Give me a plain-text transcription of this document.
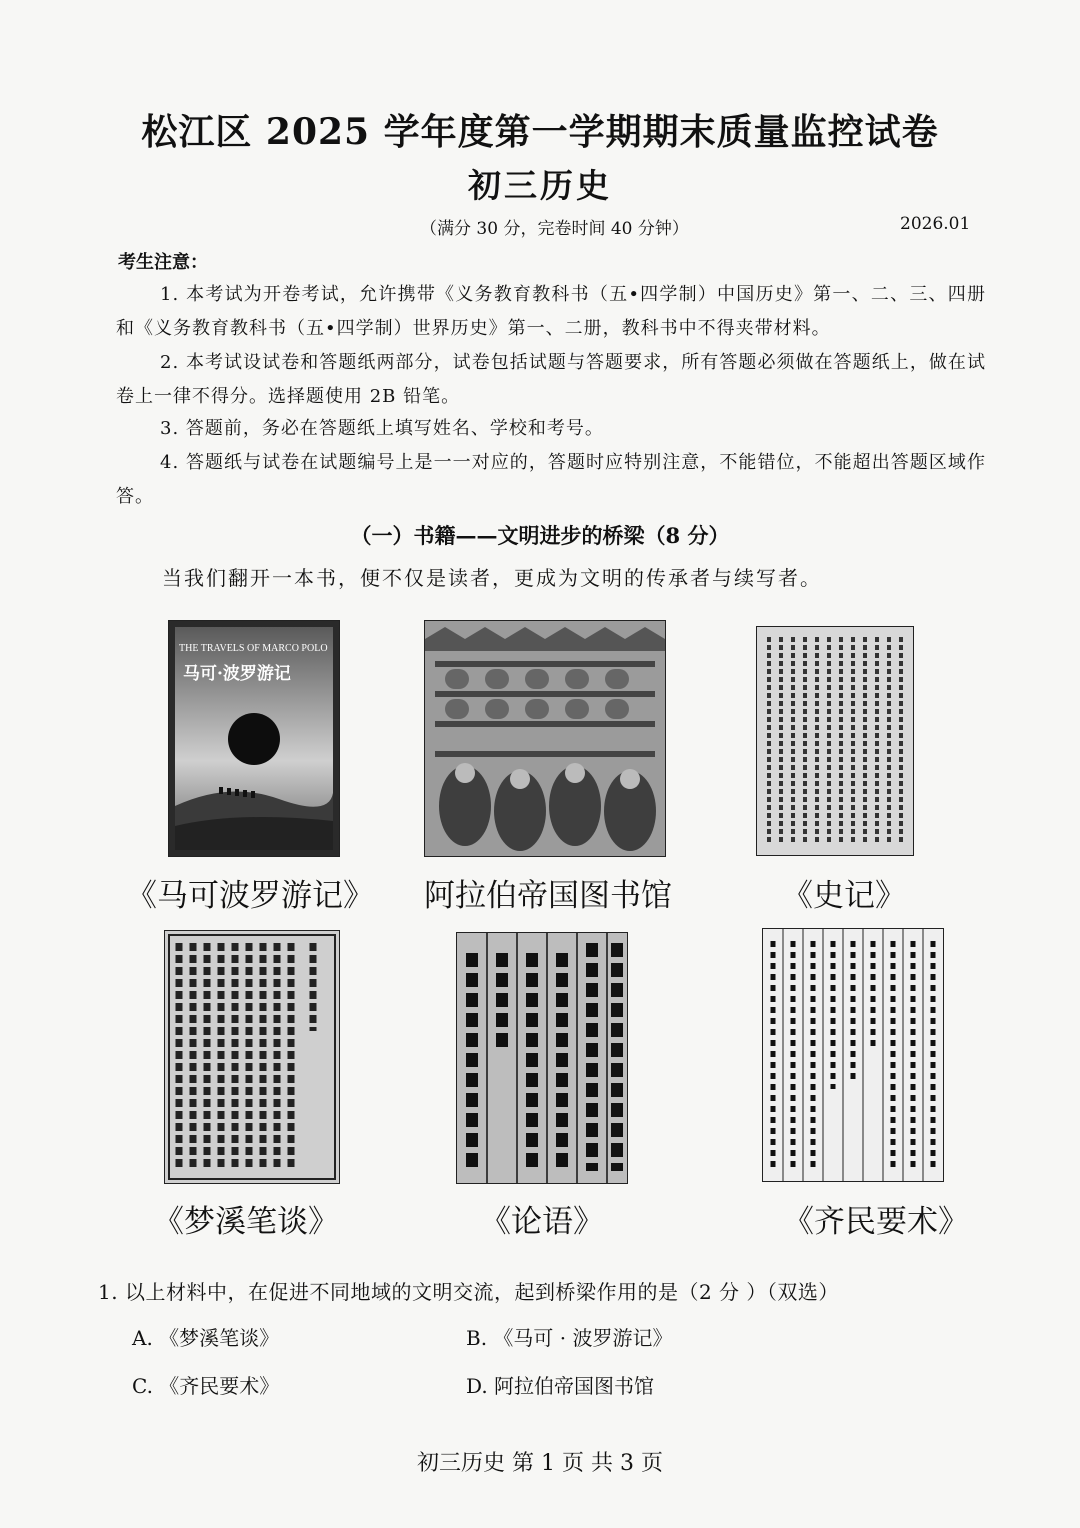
松江区 2025 学年度第一学期期末质量监控试卷
初三历史
（满分 30 分，完卷时间 40 分钟）	2026.01
考生注意：

1. 本考试为开卷考试，允许携带《义务教育教科书（五•四学制）中国历史》第一、二、三、四册和《义务教育教科书（五•四学制）世界历史》第一、二册，教科书中不得夹带材料。

2. 本考试设试卷和答题纸两部分，试卷包括试题与答题要求，所有答题必须做在答题纸上，做在试卷上一律不得分。选择题使用 2B 铅笔。

3. 答题前，务必在答题纸上填写姓名、学校和考号。

4. 答题纸与试卷在试题编号上是一一对应的，答题时应特别注意，不能错位，不能超出答题区域作答。

（一）书籍——文明进步的桥梁（8 分）
当我们翻开一本书，便不仅是读者，更成为文明的传承者与续写者。
THE TRAVELS OF MARCO POLO
马可·波罗游记
《马可波罗游记》	阿拉伯帝国图书馆	《史记》
《梦溪笔谈》	《论语》	《齐民要术》
1. 以上材料中，在促进不同地域的文明交流，起到桥梁作用的是（2 分 ）（双选）
A. 《梦溪笔谈》	B. 《马可 · 波罗游记》
C. 《齐民要术》	D. 阿拉伯帝国图书馆
初三历史 第 1 页 共 3 页
